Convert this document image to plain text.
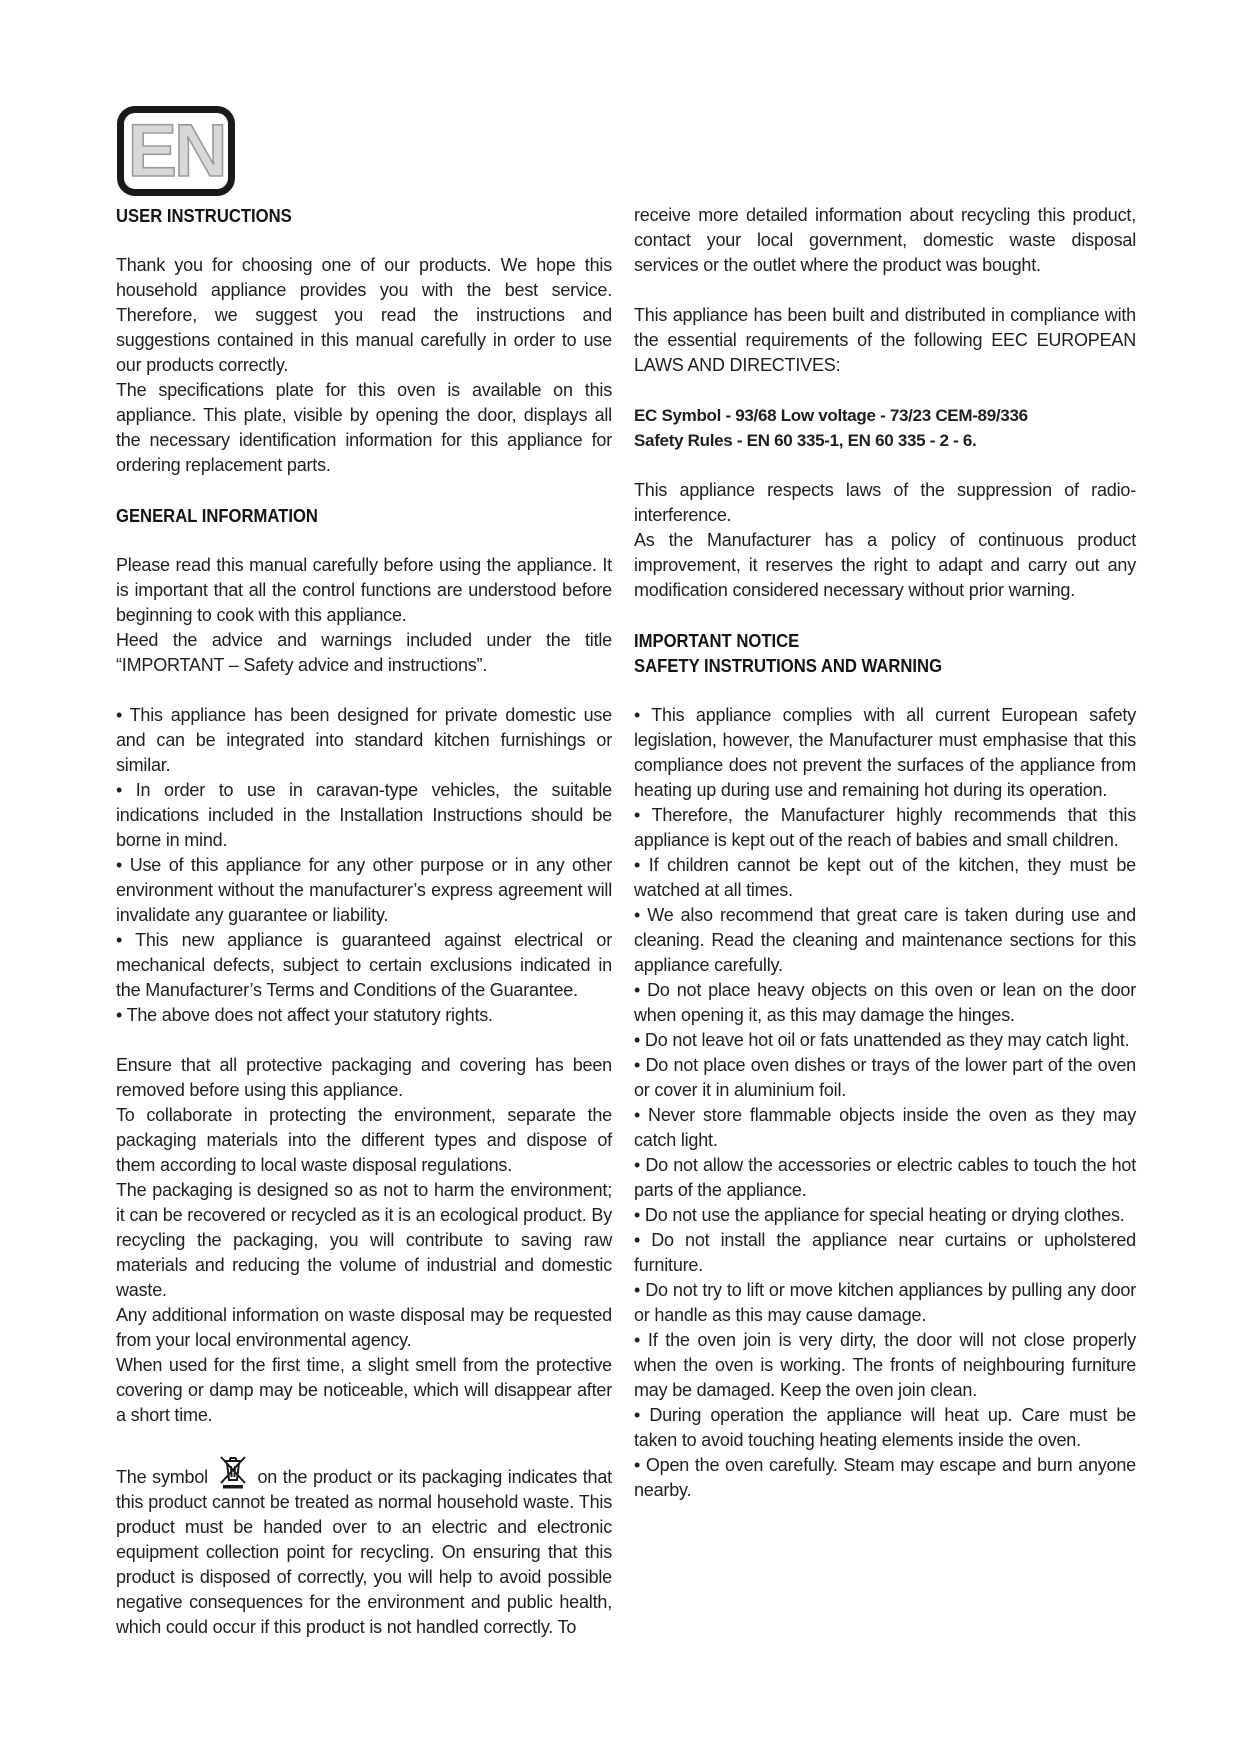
EN

USER INSTRUCTIONS

Thank you for choosing one of our products. We hope this household appliance provides you with the best service. Therefore, we suggest you read the instructions and suggestions contained in this manual carefully in order to use our products correctly.

The specifications plate for this oven is available on this appliance. This plate, visible by opening the door, displays all the necessary identification information for this appliance for ordering replacement parts.

GENERAL INFORMATION

Please read this manual carefully before using the appliance. It is important that all the control functions are understood before beginning to cook with this appliance.

Heed the advice and warnings included under the title “IMPORTANT – Safety advice and instructions”.

• This appliance has been designed for private domestic use and can be integrated into standard kitchen furnishings or similar.

• In order to use in caravan-type vehicles, the suitable indications included in the Installation Instructions should be borne in mind.

• Use of this appliance for any other purpose or in any other environment without the manufacturer’s express agreement will invalidate any guarantee or liability.

• This new appliance is guaranteed against electrical or mechanical defects, subject to certain exclusions indicated in the Manufacturer’s Terms and Conditions of the Guarantee.

• The above does not affect your statutory rights.

Ensure that all protective packaging and covering has been removed before using this appliance.

To collaborate in protecting the environment, separate the packaging materials into the different types and dispose of them according to local waste disposal regulations.

The packaging is designed so as not to harm the environment; it can be recovered or recycled as it is an ecological product. By recycling the packaging, you will contribute to saving raw materials and reducing the volume of industrial and domestic waste.

Any additional information on waste disposal may be requested from your local environmental agency.

When used for the first time, a slight smell from the protective covering or damp may be noticeable, which will disappear after a short time.

The symbol	on the product or its packaging indicates that this product cannot be treated as normal household waste. This product must be handed over to an electric and electronic equipment collection point for recycling. On ensuring that this product is disposed of correctly, you will help to avoid possible negative consequences for the environment and public health, which could occur if this product is not handled correctly. To

receive more detailed information about recycling this product, contact your local government, domestic waste disposal services or the outlet where the product was bought.

This appliance has been built and distributed in compliance with the essential requirements of the following EEC EUROPEAN LAWS AND DIRECTIVES:

EC Symbol - 93/68 Low voltage - 73/23 CEM-89/336

Safety Rules - EN 60 335-1, EN 60 335 - 2 - 6.

This appliance respects laws of the suppression of radio-interference.

As the Manufacturer has a policy of continuous product improvement, it reserves the right to adapt and carry out any modification considered necessary without prior warning.

IMPORTANT NOTICE

SAFETY INSTRUTIONS AND WARNING

• This appliance complies with all current European safety legislation, however, the Manufacturer must emphasise that this compliance does not prevent the surfaces of the appliance from heating up during use and remaining hot during its operation.

• Therefore, the Manufacturer highly recommends that this appliance is kept out of the reach of babies and small children.

• If children cannot be kept out of the kitchen, they must be watched at all times.

• We also recommend that great care is taken during use and cleaning. Read the cleaning and maintenance sections for this appliance carefully.

• Do not place heavy objects on this oven or lean on the door when opening it, as this may damage the hinges.

• Do not leave hot oil or fats unattended as they may catch light.

• Do not place oven dishes or trays of the lower part of the oven or cover it in aluminium foil.

• Never store flammable objects inside the oven as they may catch light.

• Do not allow the accessories or electric cables to touch the hot parts of the appliance.

• Do not use the appliance for special heating or drying clothes.

• Do not install the appliance near curtains or upholstered furniture.

• Do not try to lift or move kitchen appliances by pulling any door or handle as this may cause damage.

• If the oven join is very dirty, the door will not close properly when the oven is working. The fronts of neighbouring furniture may be damaged. Keep the oven join clean.

• During operation the appliance will heat up. Care must be taken to avoid touching heating elements inside the oven.

• Open the oven carefully. Steam may escape and burn anyone nearby.
